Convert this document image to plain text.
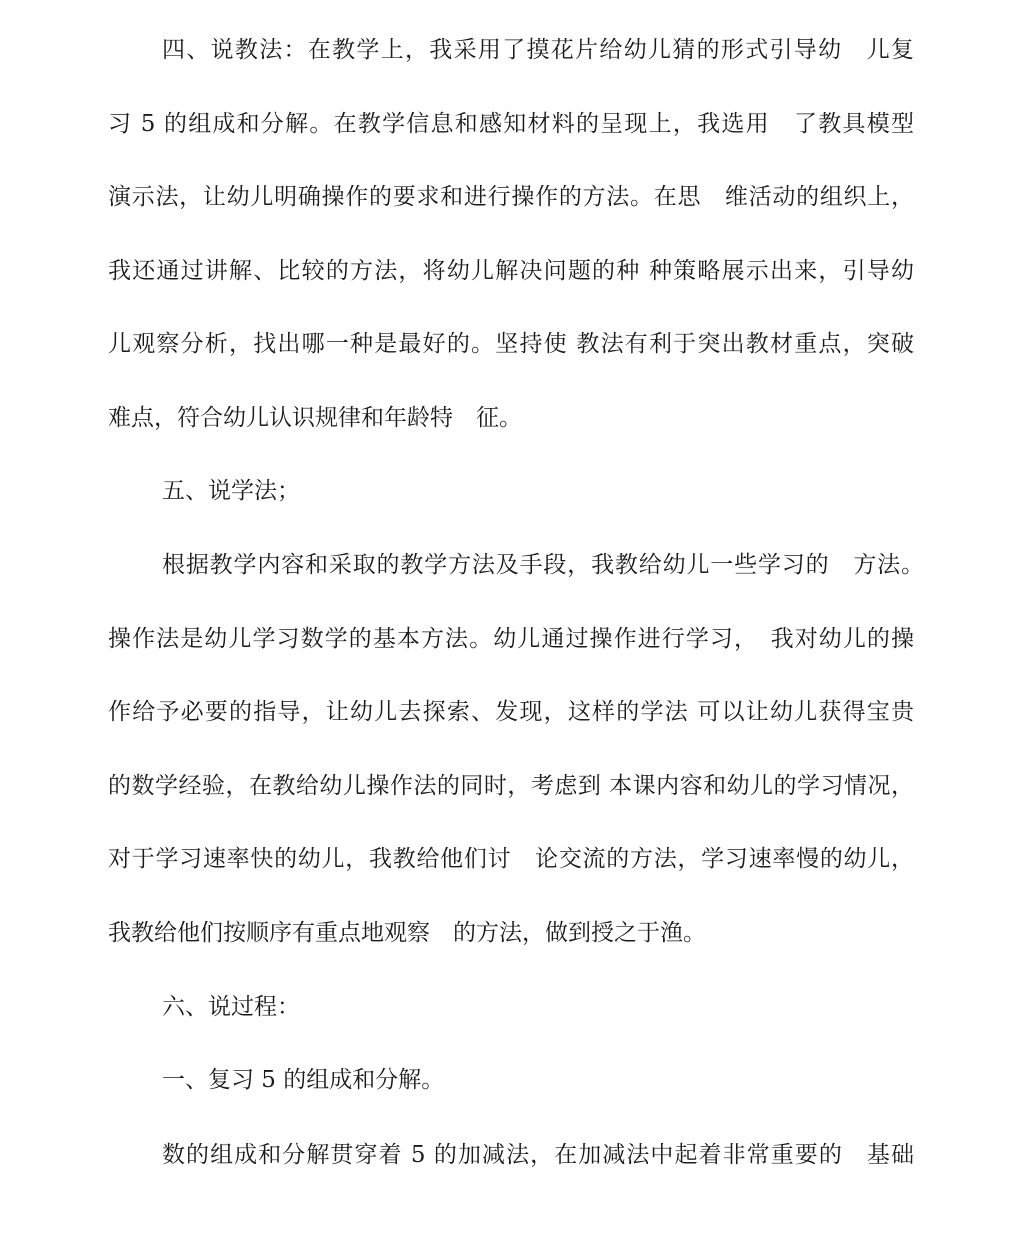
四、说教法：在教学上，我采用了摸花片给幼儿猜的形式引导幼　儿复
习 5 的组成和分解。在教学信息和感知材料的呈现上，我选用　了教具模型
演示法，让幼儿明确操作的要求和进行操作的方法。在思　维活动的组织上，
我还通过讲解、比较的方法，将幼儿解决问题的种 种策略展示出来，引导幼
儿观察分析，找出哪一种是最好的。坚持使 教法有利于突出教材重点，突破
难点，符合幼儿认识规律和年龄特　征。
五、说学法；
根据教学内容和采取的教学方法及手段，我教给幼儿一些学习的　方法。
操作法是幼儿学习数学的基本方法。幼儿通过操作进行学习，　我对幼儿的操
作给予必要的指导，让幼儿去探索、发现，这样的学法 可以让幼儿获得宝贵
的数学经验，在教给幼儿操作法的同时，考虑到 本课内容和幼儿的学习情况，
对于学习速率快的幼儿，我教给他们讨　论交流的方法，学习速率慢的幼儿，
我教给他们按顺序有重点地观察　的方法，做到授之于渔。
六、说过程：
一、复习 5 的组成和分解。
数的组成和分解贯穿着 5 的加减法，在加减法中起着非常重要的　基础
